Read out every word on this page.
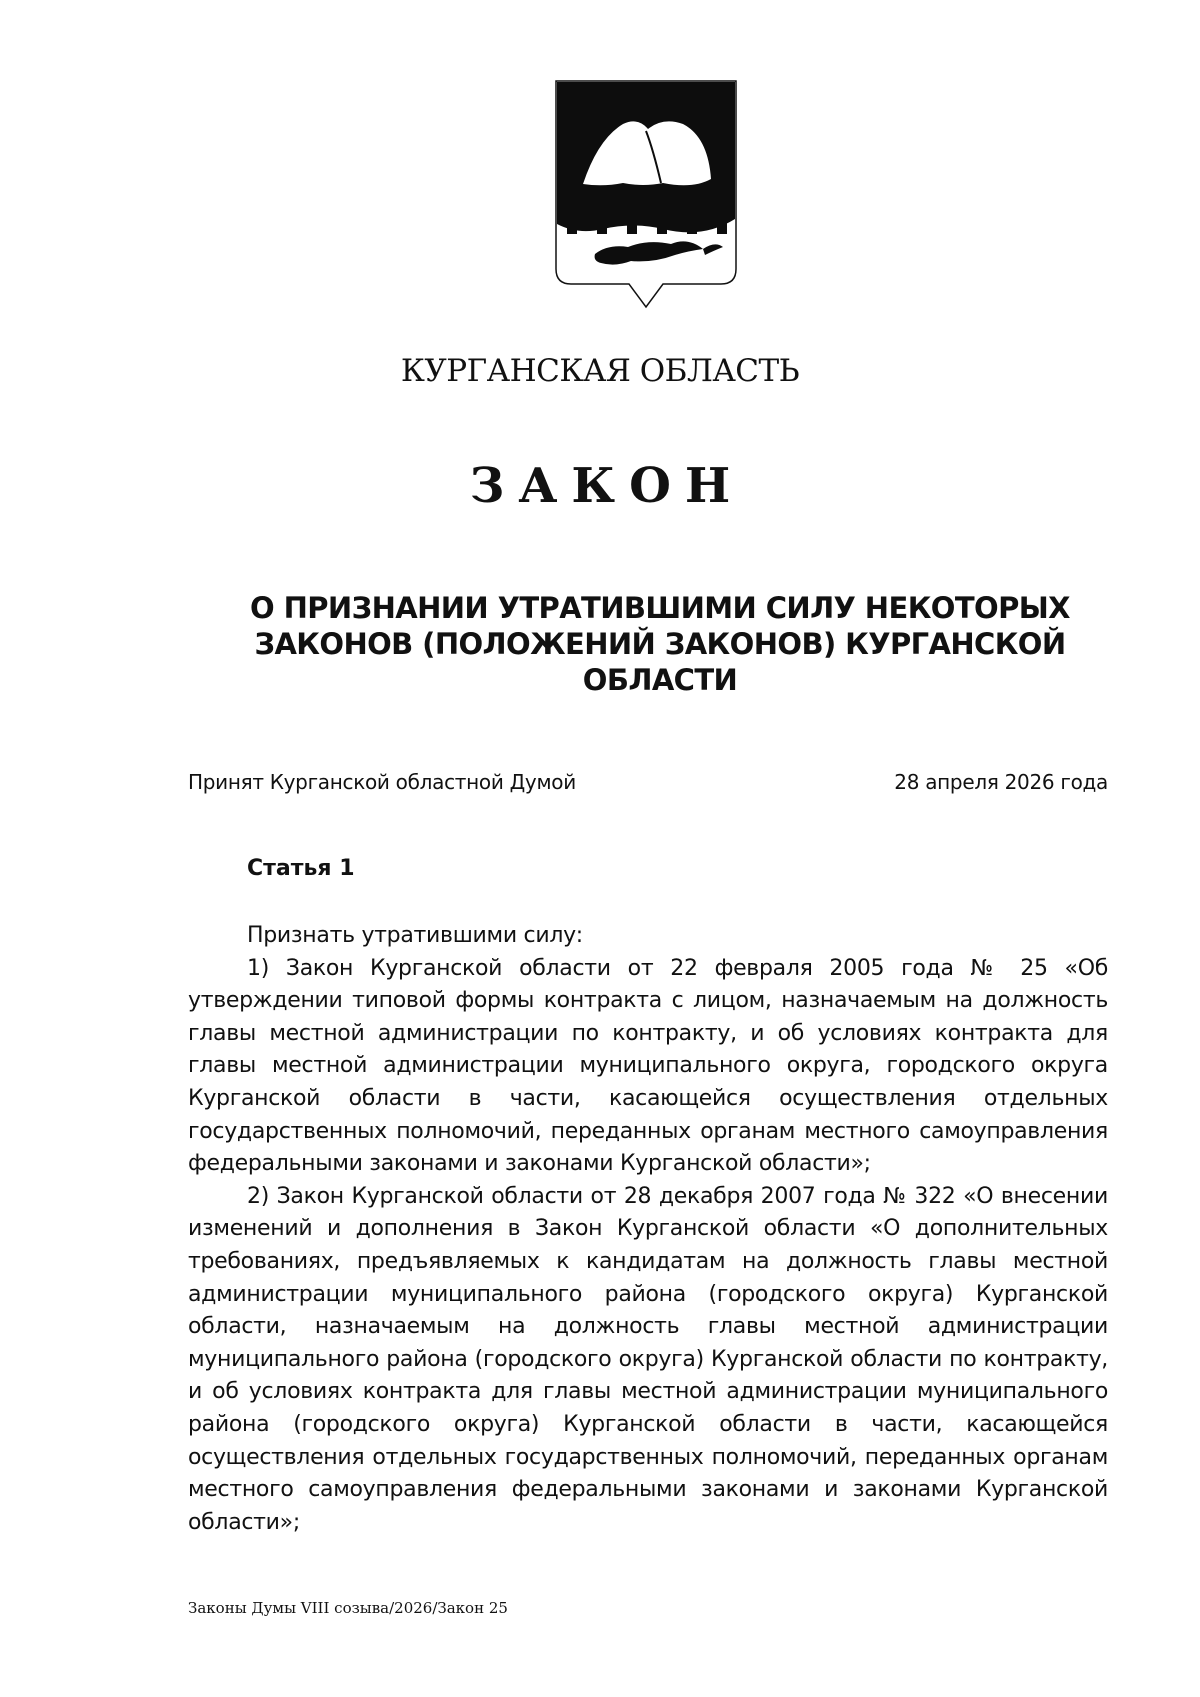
КУРГАНСКАЯ ОБЛАСТЬ
ЗАКОН
О ПРИЗНАНИИ УТРАТИВШИМИ СИЛУ НЕКОТОРЫХ
ЗАКОНОВ (ПОЛОЖЕНИЙ ЗАКОНОВ) КУРГАНСКОЙ
ОБЛАСТИ
Принят Курганской областной Думой	28 апреля 2026 года
Статья 1

Признать утратившими силу:

1) Закон Курганской области от 22 февраля 2005 года № 25 «Об утверждении типовой формы контракта с лицом, назначаемым на должность главы местной администрации по контракту, и об условиях контракта для главы местной администрации муниципального округа, городского округа Курганской области в части, касающейся осуществления отдельных государственных полномочий, переданных органам местного самоуправления федеральными законами и законами Курганской области»;

2) Закон Курганской области от 28 декабря 2007 года № 322 «О внесении изменений и дополнения в Закон Курганской области «О дополнительных требованиях, предъявляемых к кандидатам на должность главы местной администрации муниципального района (городского округа) Курганской области, назначаемым на должность главы местной администрации муниципального района (городского округа) Курганской области по контракту, и об условиях контракта для главы местной администрации муниципального района (городского округа) Курганской области в части, касающейся осуществления отдельных государственных полномочий, переданных органам местного самоуправления федеральными законами и законами Курганской области»;

Законы Думы VIII созыва/2026/Закон 25
